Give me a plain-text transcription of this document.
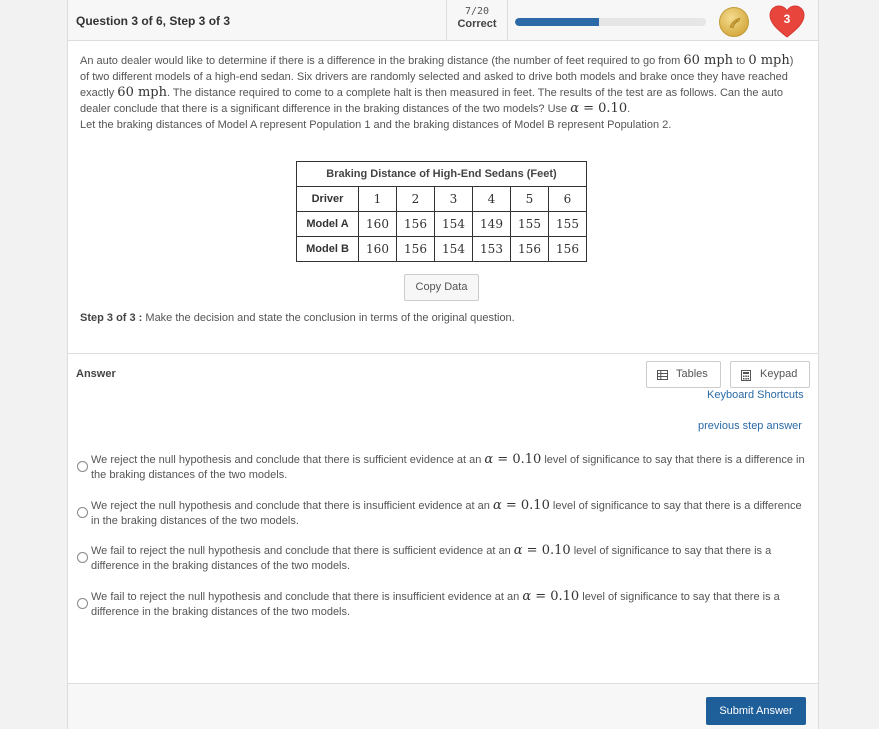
Question 3 of 6, Step 3 of 3
7/20
Correct	3
An auto dealer would like to determine if there is a difference in the braking distance (the number of feet required to go from 60 mph to 0 mph) of two different models of a high-end sedan. Six drivers are randomly selected and asked to drive both models and brake once they have reached exactly 60 mph. The distance required to come to a complete halt is then measured in feet. The results of the test are as follows. Can the auto dealer conclude that there is a significant difference in the braking distances of the two models? Use α = 0.10.
Let the braking distances of Model A represent Population 1 and the braking distances of Model B represent Population 2.
Braking Distance of High-End Sedans (Feet)						
Driver	1	2	3	4	5	6
Model A	160	156	154	149	155	155
Model B	160	156	154	153	156	156
Copy Data
Step 3 of 3 : Make the decision and state the conclusion in terms of the original question.
Answer	Tables	Keypad
Keyboard Shortcuts
previous step answer
We reject the null hypothesis and conclude that there is sufficient evidence at an α = 0.10 level of significance to say that there is a difference in the braking distances of the two models.
We reject the null hypothesis and conclude that there is insufficient evidence at an α = 0.10 level of significance to say that there is a difference in the braking distances of the two models.
We fail to reject the null hypothesis and conclude that there is sufficient evidence at an α = 0.10 level of significance to say that there is a difference in the braking distances of the two models.
We fail to reject the null hypothesis and conclude that there is insufficient evidence at an α = 0.10 level of significance to say that there is a difference in the braking distances of the two models.
Submit Answer
